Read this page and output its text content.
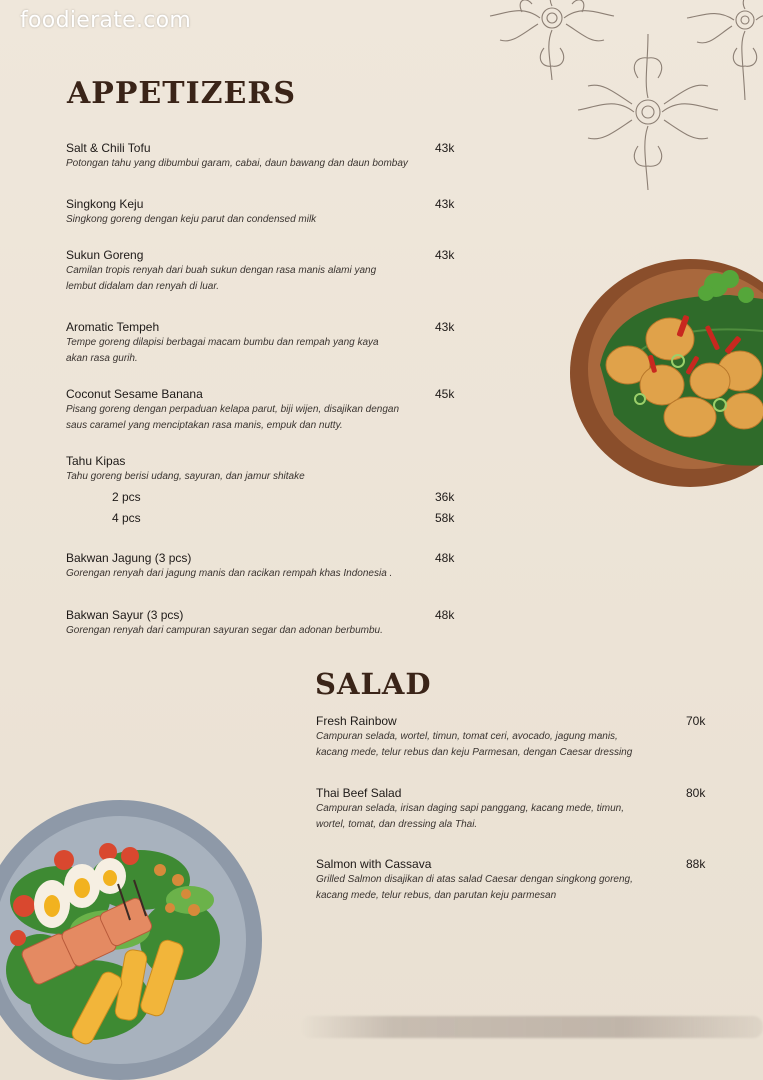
foodierate.com
APPETIZERS
Salt & Chili Tofu
Potongan tahu yang dibumbui garam, cabai, daun bawang dan daun bombay
43k
Singkong Keju
Singkong goreng dengan keju parut dan condensed milk
43k
Sukun Goreng
Camilan tropis renyah dari buah sukun dengan rasa manis alami yang
lembut didalam dan renyah di luar.
43k
Aromatic Tempeh
Tempe goreng dilapisi berbagai macam bumbu dan rempah yang kaya
akan rasa gurih.
43k
Coconut Sesame Banana
Pisang goreng dengan perpaduan kelapa parut, biji wijen, disajikan dengan
saus caramel yang menciptakan rasa manis, empuk dan nutty.
45k
Tahu Kipas
Tahu goreng berisi udang, sayuran, dan jamur shitake
2 pcs	36k
4 pcs	58k
Bakwan Jagung (3 pcs)
Gorengan renyah dari jagung manis dan racikan rempah khas Indonesia .
48k
Bakwan Sayur (3 pcs)
Gorengan renyah dari campuran sayuran segar dan adonan berbumbu.
48k
SALAD
Fresh Rainbow
Campuran selada, wortel, timun, tomat ceri, avocado, jagung manis,
kacang mede, telur rebus dan keju Parmesan, dengan Caesar dressing
70k
Thai Beef Salad
Campuran selada, irisan daging sapi panggang, kacang mede, timun,
wortel, tomat, dan dressing ala Thai.
80k
Salmon with Cassava
Grilled Salmon disajikan di atas salad Caesar dengan singkong goreng,
kacang mede, telur rebus, dan parutan keju parmesan
88k
